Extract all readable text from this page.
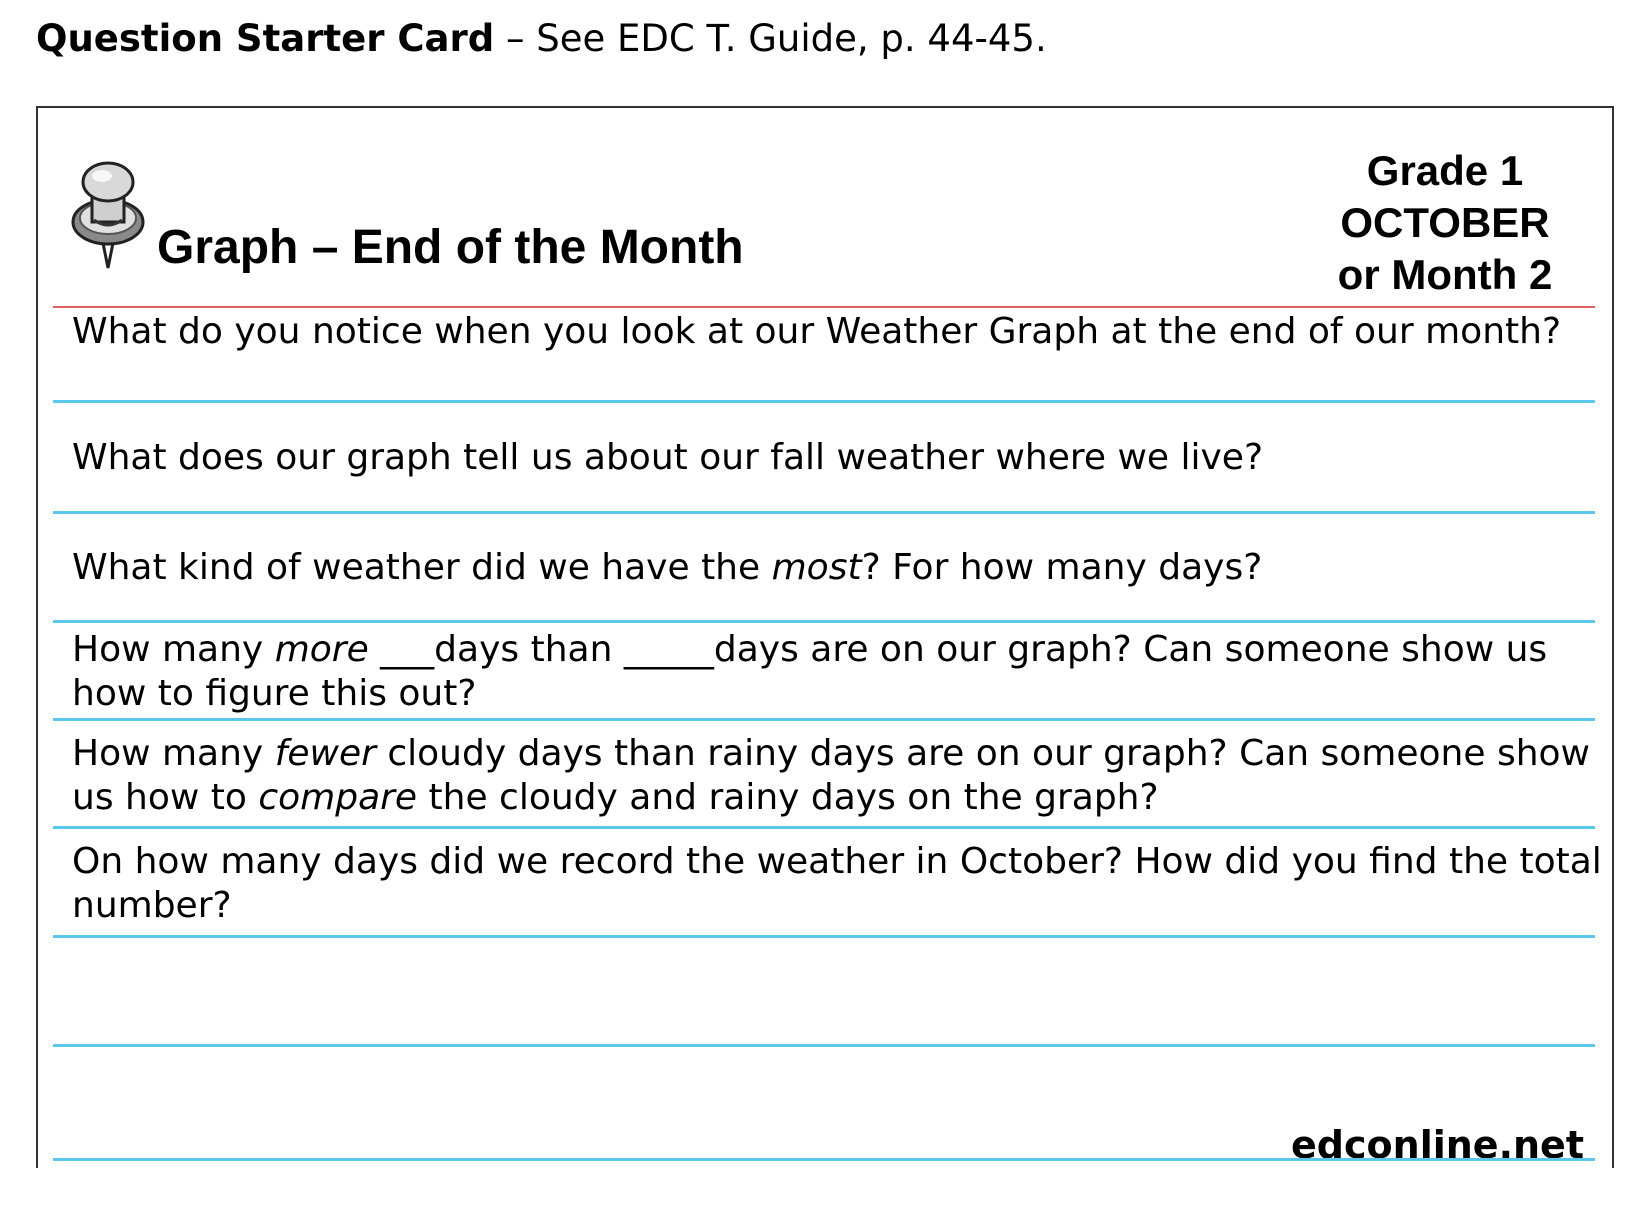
Question Starter Card – See EDC T. Guide, p. 44-45.
Graph – End of the Month
Grade 1
OCTOBER
or Month 2
What do you notice when you look at our Weather Graph at the end of our month?
What does our graph tell us about our fall weather where we live?
What kind of weather did we have the most? For how many days?
How many more ___days than _____days are on our graph? Can someone show us how to figure this out?
How many fewer cloudy days than rainy days are on our graph? Can someone show us how to compare the cloudy and rainy days on the graph?
On how many days did we record the weather in October? How did you find the total number?
edconline.net
